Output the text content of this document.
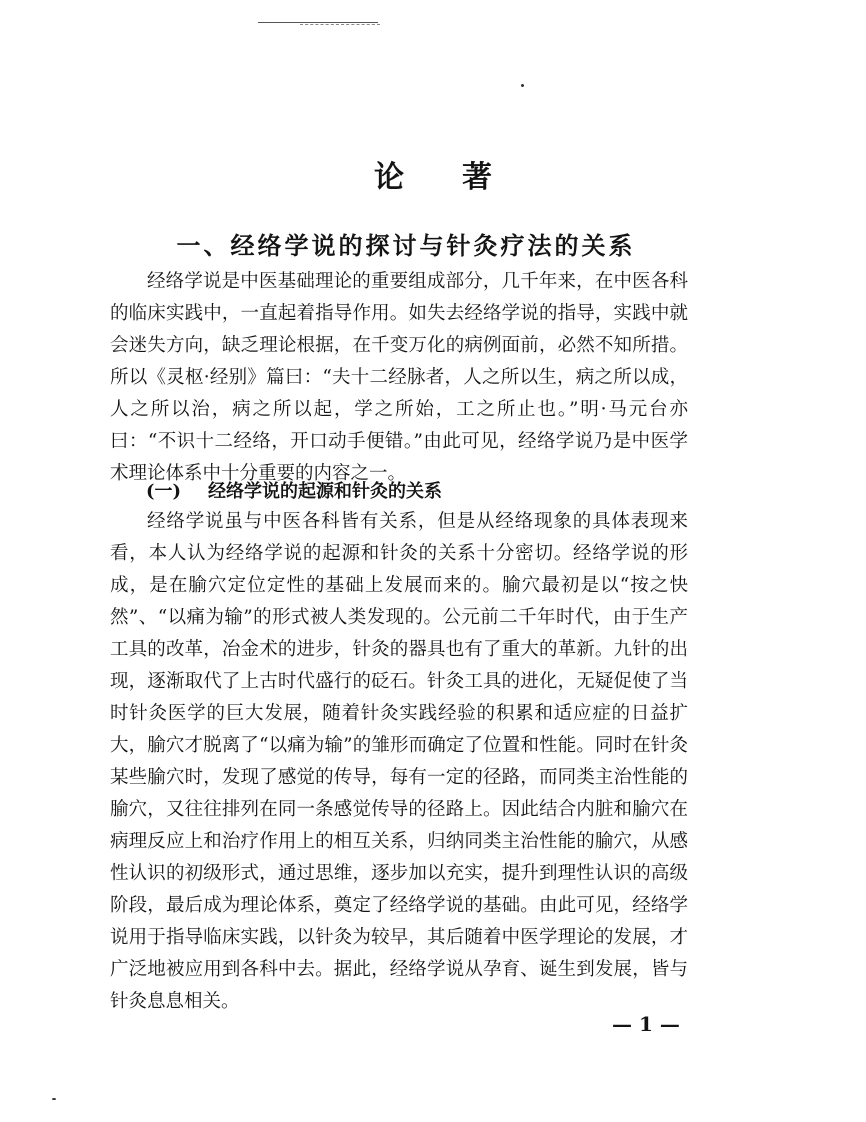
论著
一、经络学说的探讨与针灸疗法的关系

经络学说是中医基础理论的重要组成部分，几千年来，在中医各科的临床实践中，一直起着指导作用。如失去经络学说的指导，实践中就会迷失方向，缺乏理论根据，在千变万化的病例面前，必然不知所措。所以《灵枢·经别》篇曰：“夫十二经脉者，人之所以生，病之所以成，人之所以治，病之所以起，学之所始，工之所止也。”明·马元台亦曰：“不识十二经络，开口动手便错。”由此可见，经络学说乃是中医学术理论体系中十分重要的内容之一。

(一) 经络学说的起源和针灸的关系

经络学说虽与中医各科皆有关系，但是从经络现象的具体表现来看，本人认为经络学说的起源和针灸的关系十分密切。经络学说的形成，是在腧穴定位定性的基础上发展而来的。腧穴最初是以“按之快然”、“以痛为输”的形式被人类发现的。公元前二千年时代，由于生产工具的改革，冶金术的进步，针灸的器具也有了重大的革新。九针的出现，逐渐取代了上古时代盛行的砭石。针灸工具的进化，无疑促使了当时针灸医学的巨大发展，随着针灸实践经验的积累和适应症的日益扩大，腧穴才脱离了“以痛为输”的雏形而确定了位置和性能。同时在针灸某些腧穴时，发现了感觉的传导，每有一定的径路，而同类主治性能的腧穴，又往往排列在同一条感觉传导的径路上。因此结合内脏和腧穴在病理反应上和治疗作用上的相互关系，归纳同类主治性能的腧穴，从感性认识的初级形式，通过思维，逐步加以充实，提升到理性认识的高级阶段，最后成为理论体系，奠定了经络学说的基础。由此可见，经络学说用于指导临床实践，以针灸为较早，其后随着中医学理论的发展，才广泛地被应用到各科中去。据此，经络学说从孕育、诞生到发展，皆与针灸息息相关。

— 1 —
